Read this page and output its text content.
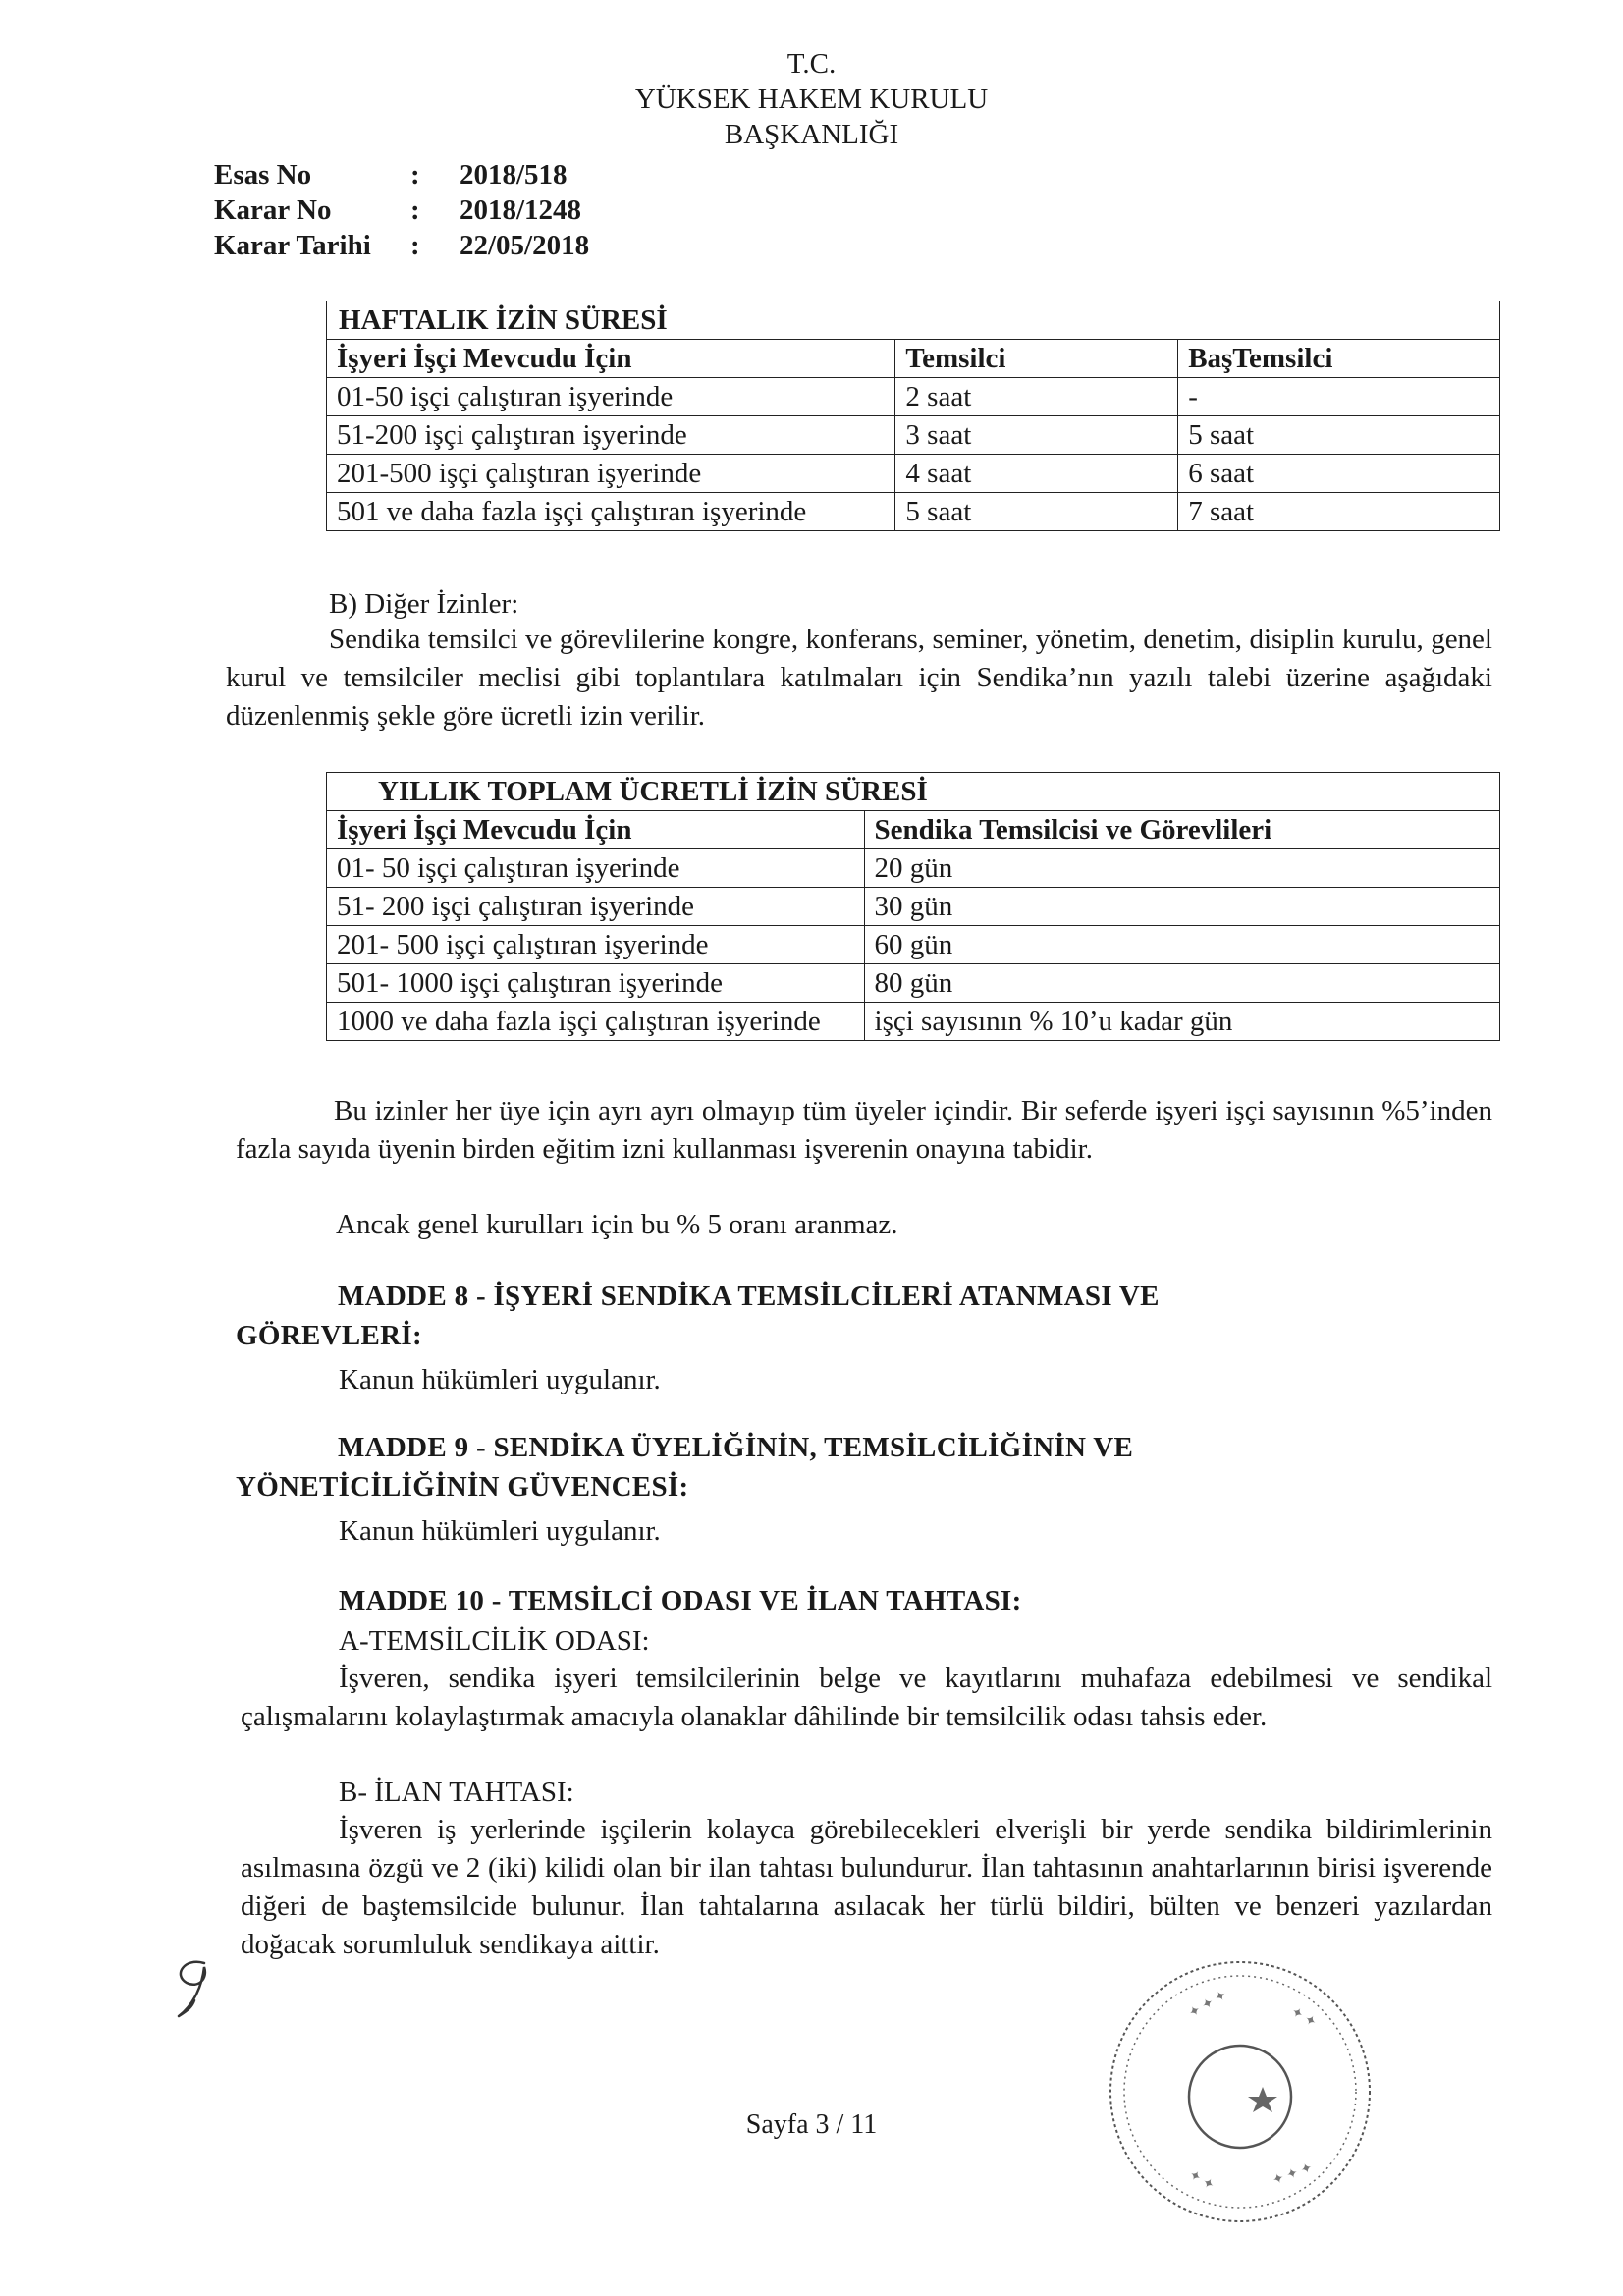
T.C.
YÜKSEK HAKEM KURULU
BAŞKANLIĞI
Esas No	:	2018/518
Karar No	:	2018/1248
Karar Tarihi	:	22/05/2018
HAFTALIK İZİN SÜRESİ		
İşyeri İşçi Mevcudu İçin	Temsilci	BaşTemsilci
01-50 işçi çalıştıran işyerinde	2 saat	-
51-200 işçi çalıştıran işyerinde	3 saat	5 saat
201-500 işçi çalıştıran işyerinde	4 saat	6 saat
501 ve daha fazla işçi çalıştıran işyerinde	5 saat	7 saat
B) Diğer İzinler:
Sendika temsilci ve görevlilerine kongre, konferans, seminer, yönetim, denetim, disiplin kurulu, genel kurul ve temsilciler meclisi gibi toplantılara katılmaları için Sendika’nın yazılı talebi üzerine aşağıdaki düzenlenmiş şekle göre ücretli izin verilir.
YILLIK TOPLAM ÜCRETLİ İZİN SÜRESİ	
İşyeri İşçi Mevcudu İçin	Sendika Temsilcisi ve Görevlileri
01- 50 işçi çalıştıran işyerinde	20 gün
51- 200 işçi çalıştıran işyerinde	30 gün
201- 500 işçi çalıştıran işyerinde	60 gün
501- 1000 işçi çalıştıran işyerinde	80 gün
1000 ve daha fazla işçi çalıştıran işyerinde	işçi sayısının % 10’u kadar gün
Bu izinler her üye için ayrı ayrı olmayıp tüm üyeler içindir. Bir seferde işyeri işçi sayısının %5’inden fazla sayıda üyenin birden eğitim izni kullanması işverenin onayına tabidir.
Ancak genel kurulları için bu % 5 oranı aranmaz.
MADDE 8 - İŞYERİ SENDİKA TEMSİLCİLERİ ATANMASI VE GÖREVLERİ:
Kanun hükümleri uygulanır.
MADDE 9 - SENDİKA ÜYELİĞİNİN, TEMSİLCİLİĞİNİN VE YÖNETİCİLİĞİNİN GÜVENCESİ:
Kanun hükümleri uygulanır.
MADDE 10 - TEMSİLCİ ODASI VE İLAN TAHTASI:
A-TEMSİLCİLİK ODASI:
İşveren, sendika işyeri temsilcilerinin belge ve kayıtlarını muhafaza edebilmesi ve sendikal çalışmalarını kolaylaştırmak amacıyla olanaklar dâhilinde bir temsilcilik odası tahsis eder.
B- İLAN TAHTASI:
İşveren iş yerlerinde işçilerin kolayca görebilecekleri elverişli bir yerde sendika bildirimlerinin asılmasına özgü ve 2 (iki) kilidi olan bir ilan tahtası bulundurur. İlan tahtasının anahtarlarının birisi işverende diğeri de baştemsilcide bulunur. İlan tahtalarına asılacak her türlü bildiri, bülten ve benzeri yazılardan doğacak sorumluluk sendikaya aittir.
✦ ✦ ✦	✦ ✦
✦ ✦	✦ ✦ ✦
Sayfa 3 / 11
